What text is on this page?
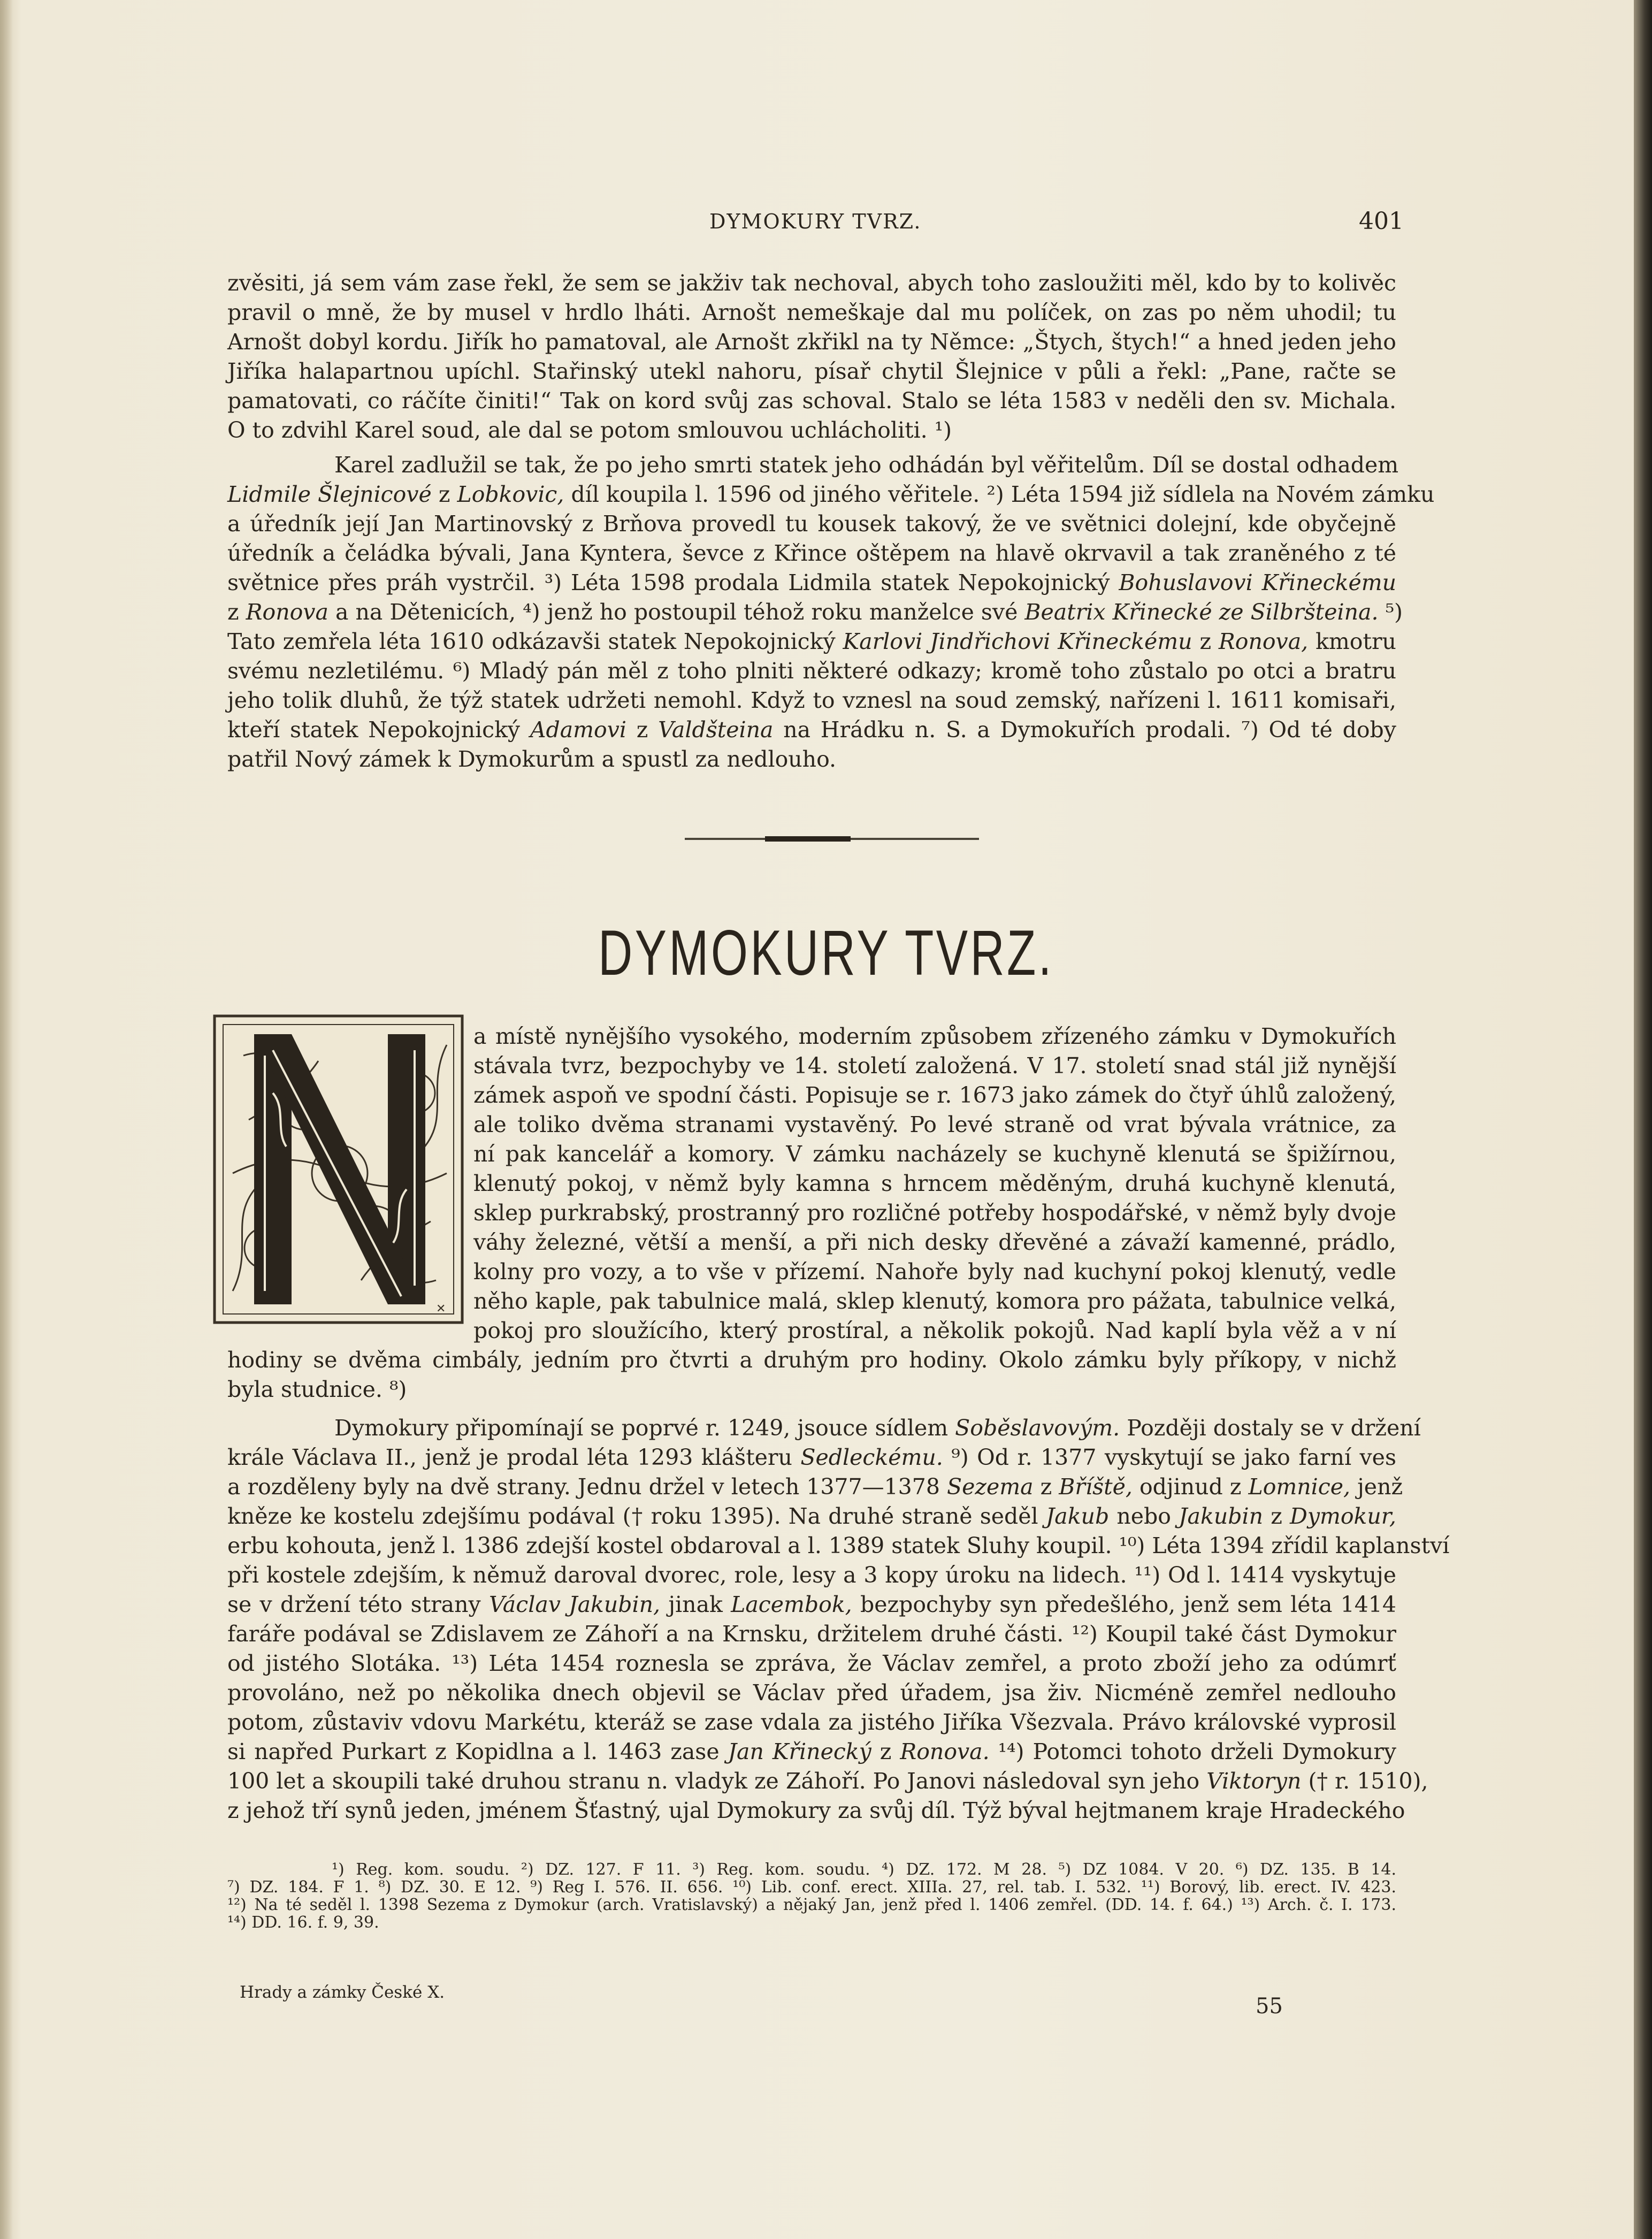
DYMOKURY TVRZ.	401
zvěsiti, já sem vám zase řekl, že sem se jakživ tak nechoval, abych toho zasloužiti měl, kdo by to kolivěc
pravil o mně, že by musel v hrdlo lháti. Arnošt nemeškaje dal mu políček, on zas po něm uhodil; tu
Arnošt dobyl kordu. Jiřík ho pamatoval, ale Arnošt zkřikl na ty Němce: „Štych, štych!“ a hned jeden jeho
Jiříka halapartnou upíchl. Stařinský utekl nahoru, písař chytil Šlejnice v půli a řekl: „Pane, račte se
pamatovati, co ráčíte činiti!“ Tak on kord svůj zas schoval. Stalo se léta 1583 v neděli den sv. Michala.
O to zdvihl Karel soud, ale dal se potom smlouvou uchlácholiti. ¹)
Karel zadlužil se tak, že po jeho smrti statek jeho odhádán byl věřitelům. Díl se dostal odhadem
Lidmile Šlejnicové z Lobkovic, díl koupila l. 1596 od jiného věřitele. ²) Léta 1594 již sídlela na Novém zámku
a úředník její Jan Martinovský z Brňova provedl tu kousek takový, že ve světnici dolejní, kde obyčejně
úředník a čeládka bývali, Jana Kyntera, ševce z Křince oštěpem na hlavě okrvavil a tak zraněného z té
světnice přes práh vystrčil. ³) Léta 1598 prodala Lidmila statek Nepokojnický Bohuslavovi Křineckému
z Ronova a na Dětenicích, ⁴) jenž ho postoupil téhož roku manželce své Beatrix Křinecké ze Silbršteina. ⁵)
Tato zemřela léta 1610 odkázavši statek Nepokojnický Karlovi Jindřichovi Křineckému z Ronova, kmotru
svému nezletilému. ⁶) Mladý pán měl z toho plniti některé odkazy; kromě toho zůstalo po otci a bratru
jeho tolik dluhů, že týž statek udržeti nemohl. Když to vznesl na soud zemský, nařízeni l. 1611 komisaři,
kteří statek Nepokojnický Adamovi z Valdšteina na Hrádku n. S. a Dymokuřích prodali. ⁷) Od té doby
patřil Nový zámek k Dymokurům a spustl za nedlouho.
DYMOKURY TVRZ.
✕
a místě nynějšího vysokého, moderním způsobem zřízeného zámku v Dymokuřích
stávala tvrz, bezpochyby ve 14. století založená. V 17. století snad stál již nynější
zámek aspoň ve spodní části. Popisuje se r. 1673 jako zámek do čtyř úhlů založený,
ale toliko dvěma stranami vystavěný. Po levé straně od vrat bývala vrátnice, za
ní pak kancelář a komory. V zámku nacházely se kuchyně klenutá se špižírnou,
klenutý pokoj, v němž byly kamna s hrncem měděným, druhá kuchyně klenutá,
sklep purkrabský, prostranný pro rozličné potřeby hospodářské, v němž byly dvoje
váhy železné, větší a menší, a při nich desky dřevěné a závaží kamenné, prádlo,
kolny pro vozy, a to vše v přízemí. Nahoře byly nad kuchyní pokoj klenutý, vedle
něho kaple, pak tabulnice malá, sklep klenutý, komora pro pážata, tabulnice velká,
pokoj pro sloužícího, který prostíral, a několik pokojů. Nad kaplí byla věž a v ní
hodiny se dvěma cimbály, jedním pro čtvrti a druhým pro hodiny. Okolo zámku byly příkopy, v nichž
byla studnice. ⁸)
Dymokury připomínají se poprvé r. 1249, jsouce sídlem Soběslavovým. Později dostaly se v držení
krále Václava II., jenž je prodal léta 1293 klášteru Sedleckému. ⁹) Od r. 1377 vyskytují se jako farní ves
a rozděleny byly na dvě strany. Jednu držel v letech 1377—1378 Sezema z Bříště, odjinud z Lomnice, jenž
kněze ke kostelu zdejšímu podával († roku 1395). Na druhé straně seděl Jakub nebo Jakubin z Dymokur,
erbu kohouta, jenž l. 1386 zdejší kostel obdaroval a l. 1389 statek Sluhy koupil. ¹⁰) Léta 1394 zřídil kaplanství
při kostele zdejším, k němuž daroval dvorec, role, lesy a 3 kopy úroku na lidech. ¹¹) Od l. 1414 vyskytuje
se v držení této strany Václav Jakubin, jinak Lacembok, bezpochyby syn předešlého, jenž sem léta 1414
faráře podával se Zdislavem ze Záhoří a na Krnsku, držitelem druhé části. ¹²) Koupil také část Dymokur
od jistého Slotáka. ¹³) Léta 1454 roznesla se zpráva, že Václav zemřel, a proto zboží jeho za odúmrť
provoláno, než po několika dnech objevil se Václav před úřadem, jsa živ. Nicméně zemřel nedlouho
potom, zůstaviv vdovu Markétu, kteráž se zase vdala za jistého Jiříka Všezvala. Právo královské vyprosil
si napřed Purkart z Kopidlna a l. 1463 zase Jan Křinecký z Ronova. ¹⁴) Potomci tohoto drželi Dymokury
100 let a skoupili také druhou stranu n. vladyk ze Záhoří. Po Janovi následoval syn jeho Viktoryn († r. 1510),
z jehož tří synů jeden, jménem Šťastný, ujal Dymokury za svůj díl. Týž býval hejtmanem kraje Hradeckého
¹) Reg. kom. soudu. ²) DZ. 127. F 11. ³) Reg. kom. soudu. ⁴) DZ. 172. M 28. ⁵) DZ 1084. V 20. ⁶) DZ. 135. B 14.
⁷) DZ. 184. F 1. ⁸) DZ. 30. E 12. ⁹) Reg I. 576. II. 656. ¹⁰) Lib. conf. erect. XIIIa. 27, rel. tab. I. 532. ¹¹) Borový, lib. erect. IV. 423.
¹²) Na té seděl l. 1398 Sezema z Dymokur (arch. Vratislavský) a nějaký Jan, jenž před l. 1406 zemřel. (DD. 14. f. 64.) ¹³) Arch. č. I. 173.
¹⁴) DD. 16. f. 9, 39.
Hrady a zámky České X.
55
